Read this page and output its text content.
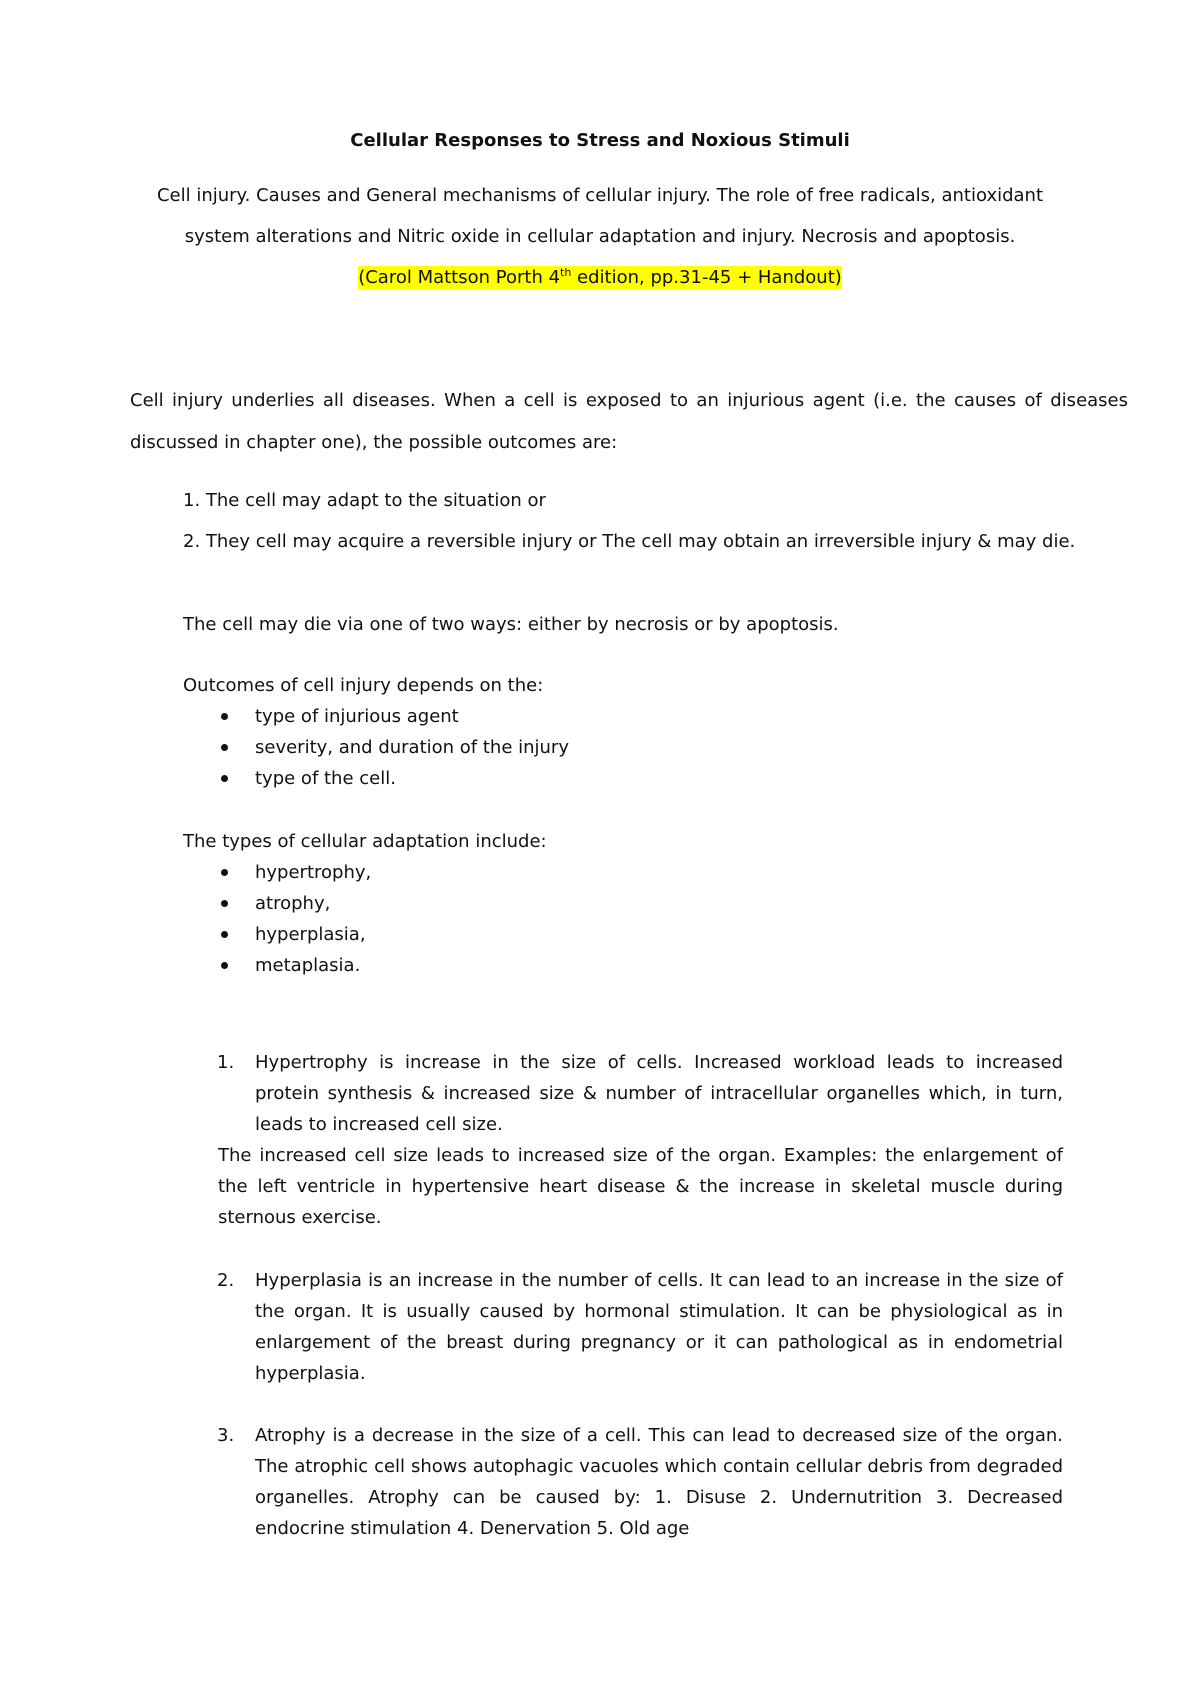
Cellular Responses to Stress and Noxious Stimuli
Cell injury. Causes and General mechanisms of cellular injury. The role of free radicals, antioxidant
system alterations and Nitric oxide in cellular adaptation and injury. Necrosis and apoptosis.
(Carol Mattson Porth 4th edition, pp.31-45 + Handout)
Cell injury underlies all diseases. When a cell is exposed to an injurious agent (i.e. the causes of diseases discussed in chapter one), the possible outcomes are:
1. The cell may adapt to the situation or
2. They cell may acquire a reversible injury or The cell may obtain an irreversible injury & may die.
The cell may die via one of two ways: either by necrosis or by apoptosis.
Outcomes of cell injury depends on the:
type of injurious agent
severity, and duration of the injury
type of the cell.
The types of cellular adaptation include:
hypertrophy,
atrophy,
hyperplasia,
metaplasia.
1. Hypertrophy is increase in the size of cells. Increased workload leads to increased protein synthesis & increased size & number of intracellular organelles which, in turn, leads to increased cell size.
The increased cell size leads to increased size of the organ. Examples: the enlargement of the left ventricle in hypertensive heart disease & the increase in skeletal muscle during sternous exercise.
2. Hyperplasia is an increase in the number of cells. It can lead to an increase in the size of the organ. It is usually caused by hormonal stimulation. It can be physiological as in enlargement of the breast during pregnancy or it can pathological as in endometrial hyperplasia.
3. Atrophy is a decrease in the size of a cell. This can lead to decreased size of the organ. The atrophic cell shows autophagic vacuoles which contain cellular debris from degraded organelles. Atrophy can be caused by: 1. Disuse 2. Undernutrition 3. Decreased endocrine stimulation 4. Denervation 5. Old age
